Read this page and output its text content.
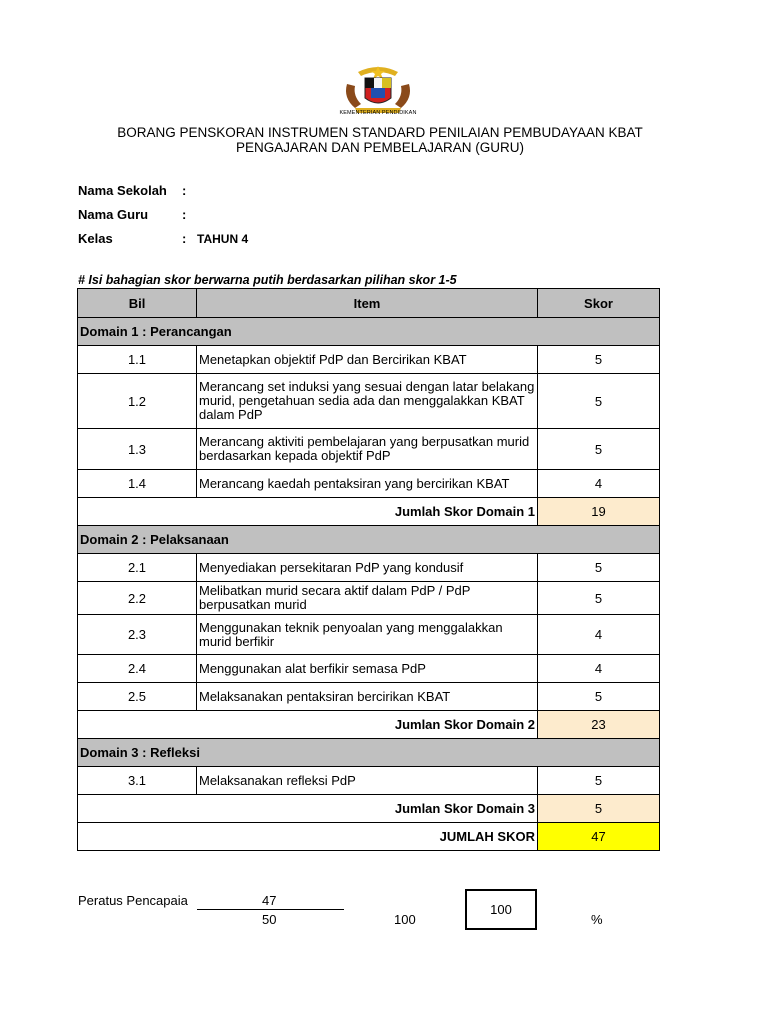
KEMENTERIAN PENDIDIKAN
BORANG PENSKORAN INSTRUMEN STANDARD PENILAIAN PEMBUDAYAAN KBAT
PENGAJARAN DAN PEMBELAJARAN (GURU)
Nama Sekolah :
Nama Guru	:
Kelas	: TAHUN 4
# Isi bahagian skor berwarna putih berdasarkan pilihan skor 1-5
Bil	Item	Skor
Domain 1 : Perancangan		
1.1	Menetapkan objektif PdP dan Bercirikan KBAT	5
1.2	Merancang set induksi yang sesuai dengan latar belakang murid, pengetahuan sedia ada dan menggalakkan KBAT dalam PdP	5
1.3	Merancang aktiviti pembelajaran yang berpusatkan murid berdasarkan kepada objektif PdP	5
1.4	Merancang kaedah pentaksiran yang bercirikan KBAT	4
Jumlah Skor Domain 1		19
Domain 2 : Pelaksanaan		
2.1	Menyediakan persekitaran PdP yang kondusif	5
2.2	Melibatkan murid secara aktif dalam PdP / PdP berpusatkan murid	5
2.3	Menggunakan teknik penyoalan yang menggalakkan murid berfikir	4
2.4	Menggunakan alat berfikir semasa PdP	4
2.5	Melaksanakan pentaksiran bercirikan KBAT	5
Jumlan Skor Domain 2		23
Domain 3 : Refleksi		
3.1	Melaksanakan refleksi PdP	5
Jumlan Skor Domain 3		5
JUMLAH SKOR		47
Peratus Pencapaia	47
50	100
100
%
